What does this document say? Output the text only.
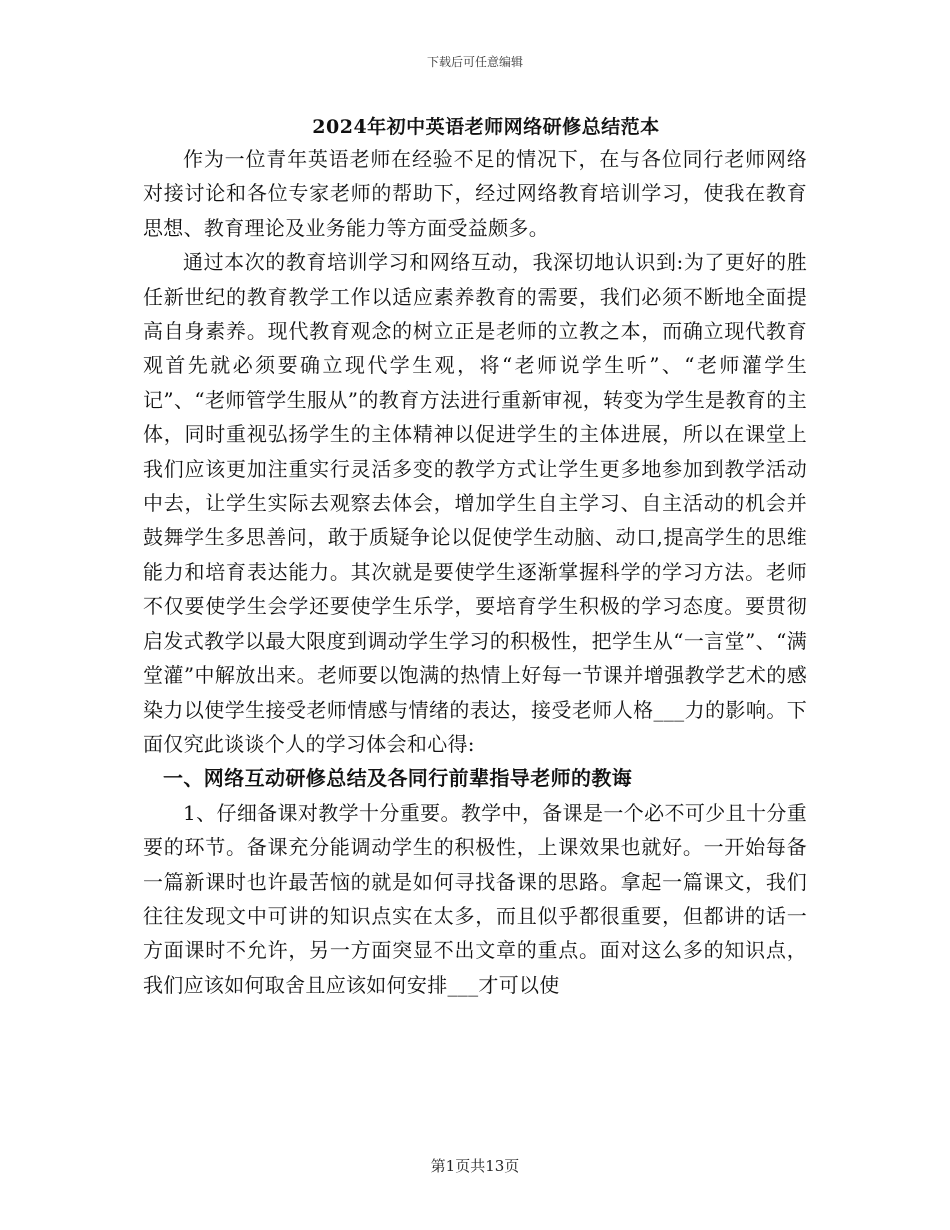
下载后可任意编辑
2024年初中英语老师网络研修总结范本

作为一位青年英语老师在经验不足的情况下，在与各位同行老师网络对接讨论和各位专家老师的帮助下，经过网络教育培训学习，使我在教育思想、教育理论及业务能力等方面受益颇多。

通过本次的教育培训学习和网络互动，我深切地认识到:为了更好的胜任新世纪的教育教学工作以适应素养教育的需要，我们必须不断地全面提高自身素养。现代教育观念的树立正是老师的立教之本，而确立现代教育观首先就必须要确立现代学生观，将“老师说学生听”、“老师灌学生记”、“老师管学生服从”的教育方法进行重新审视，转变为学生是教育的主体，同时重视弘扬学生的主体精神以促进学生的主体进展，所以在课堂上我们应该更加注重实行灵活多变的教学方式让学生更多地参加到教学活动中去，让学生实际去观察去体会，增加学生自主学习、自主活动的机会并鼓舞学生多思善问，敢于质疑争论以促使学生动脑、动口,提高学生的思维能力和培育表达能力。其次就是要使学生逐渐掌握科学的学习方法。老师不仅要使学生会学还要使学生乐学，要培育学生积极的学习态度。要贯彻启发式教学以最大限度到调动学生学习的积极性，把学生从“一言堂”、“满堂灌”中解放出来。老师要以饱满的热情上好每一节课并增强教学艺术的感染力以使学生接受老师情感与情绪的表达，接受老师人格___力的影响。下面仅究此谈谈个人的学习体会和心得:

一、网络互动研修总结及各同行前辈指导老师的教诲

1、仔细备课对教学十分重要。教学中，备课是一个必不可少且十分重要的环节。备课充分能调动学生的积极性，上课效果也就好。一开始每备一篇新课时也许最苦恼的就是如何寻找备课的思路。拿起一篇课文，我们往往发现文中可讲的知识点实在太多，而且似乎都很重要，但都讲的话一方面课时不允许，另一方面突显不出文章的重点。面对这么多的知识点，我们应该如何取舍且应该如何安排___才可以使

第1页共13页
